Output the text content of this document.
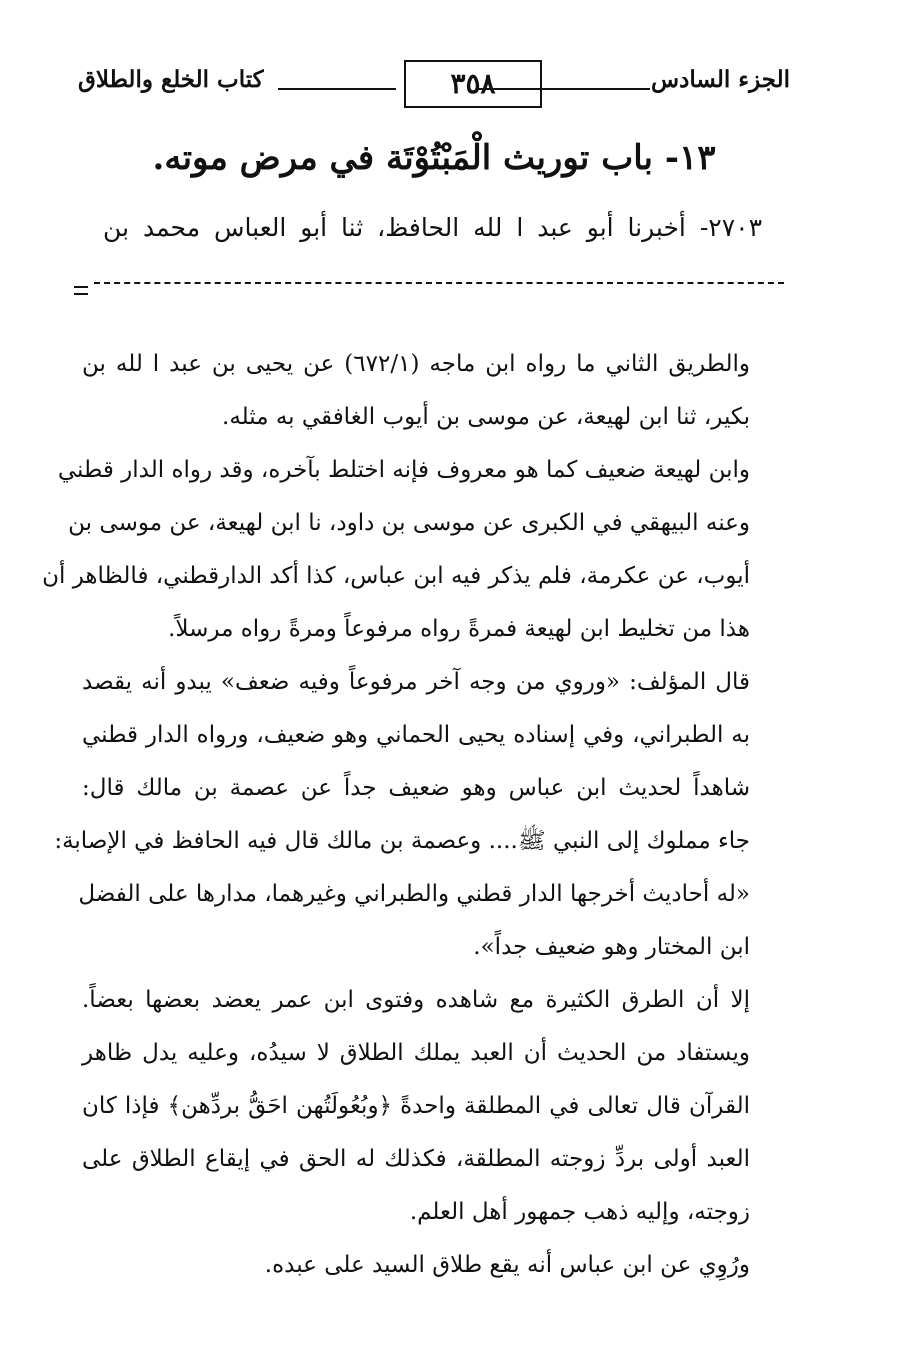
الجزء السادس
٣٥٨
كتاب الخلع والطلاق
١٣- باب توريث الْمَبْتُوْتَة في مرض موته.
٢٧٠٣- أخبرنا أبو عبد ا لله الحافظ، ثنا أبو العباس محمد بن
والطريق الثاني ما رواه ابن ماجه (٦٧٢/١) عن يحيى بن عبد ا لله بن
بكير، ثنا ابن لهيعة، عن موسى بن أيوب الغافقي به مثله.
وابن لهيعة ضعيف كما هو معروف فإنه اختلط بآخره، وقد رواه الدار قطني
وعنه البيهقي في الكبرى عن موسى بن داود، نا ابن لهيعة، عن موسى بن
أيوب، عن عكرمة، فلم يذكر فيه ابن عباس، كذا أكد الدارقطني، فالظاهر أن
هذا من تخليط ابن لهيعة فمرةً رواه مرفوعاً ومرةً رواه مرسلاً.
قال المؤلف: «وروي من وجه آخر مرفوعاً وفيه ضعف» يبدو أنه يقصد
به الطبراني، وفي إسناده يحيى الحماني وهو ضعيف، ورواه الدار قطني
شاهداً لحديث ابن عباس وهو ضعيف جداً عن عصمة بن مالك قال:
جاء مملوك إلى النبي ﷺ.... وعصمة بن مالك قال فيه الحافظ في الإصابة:
«له أحاديث أخرجها الدار قطني والطبراني وغيرهما، مدارها على الفضل
ابن المختار وهو ضعيف جداً».
إلا أن الطرق الكثيرة مع شاهده وفتوى ابن عمر يعضد بعضها بعضاً.
ويستفاد من الحديث أن العبد يملك الطلاق لا سيدُه، وعليه يدل ظاهر
القرآن قال تعالى في المطلقة واحدةً ﴿وبُعُولَتُهن احَقُّ بردِّهن﴾ فإذا كان
العبد أولى بردِّ زوجته المطلقة، فكذلك له الحق في إيقاع الطلاق على
زوجته، وإليه ذهب جمهور أهل العلم.
ورُوِي عن ابن عباس أنه يقع طلاق السيد على عبده.
